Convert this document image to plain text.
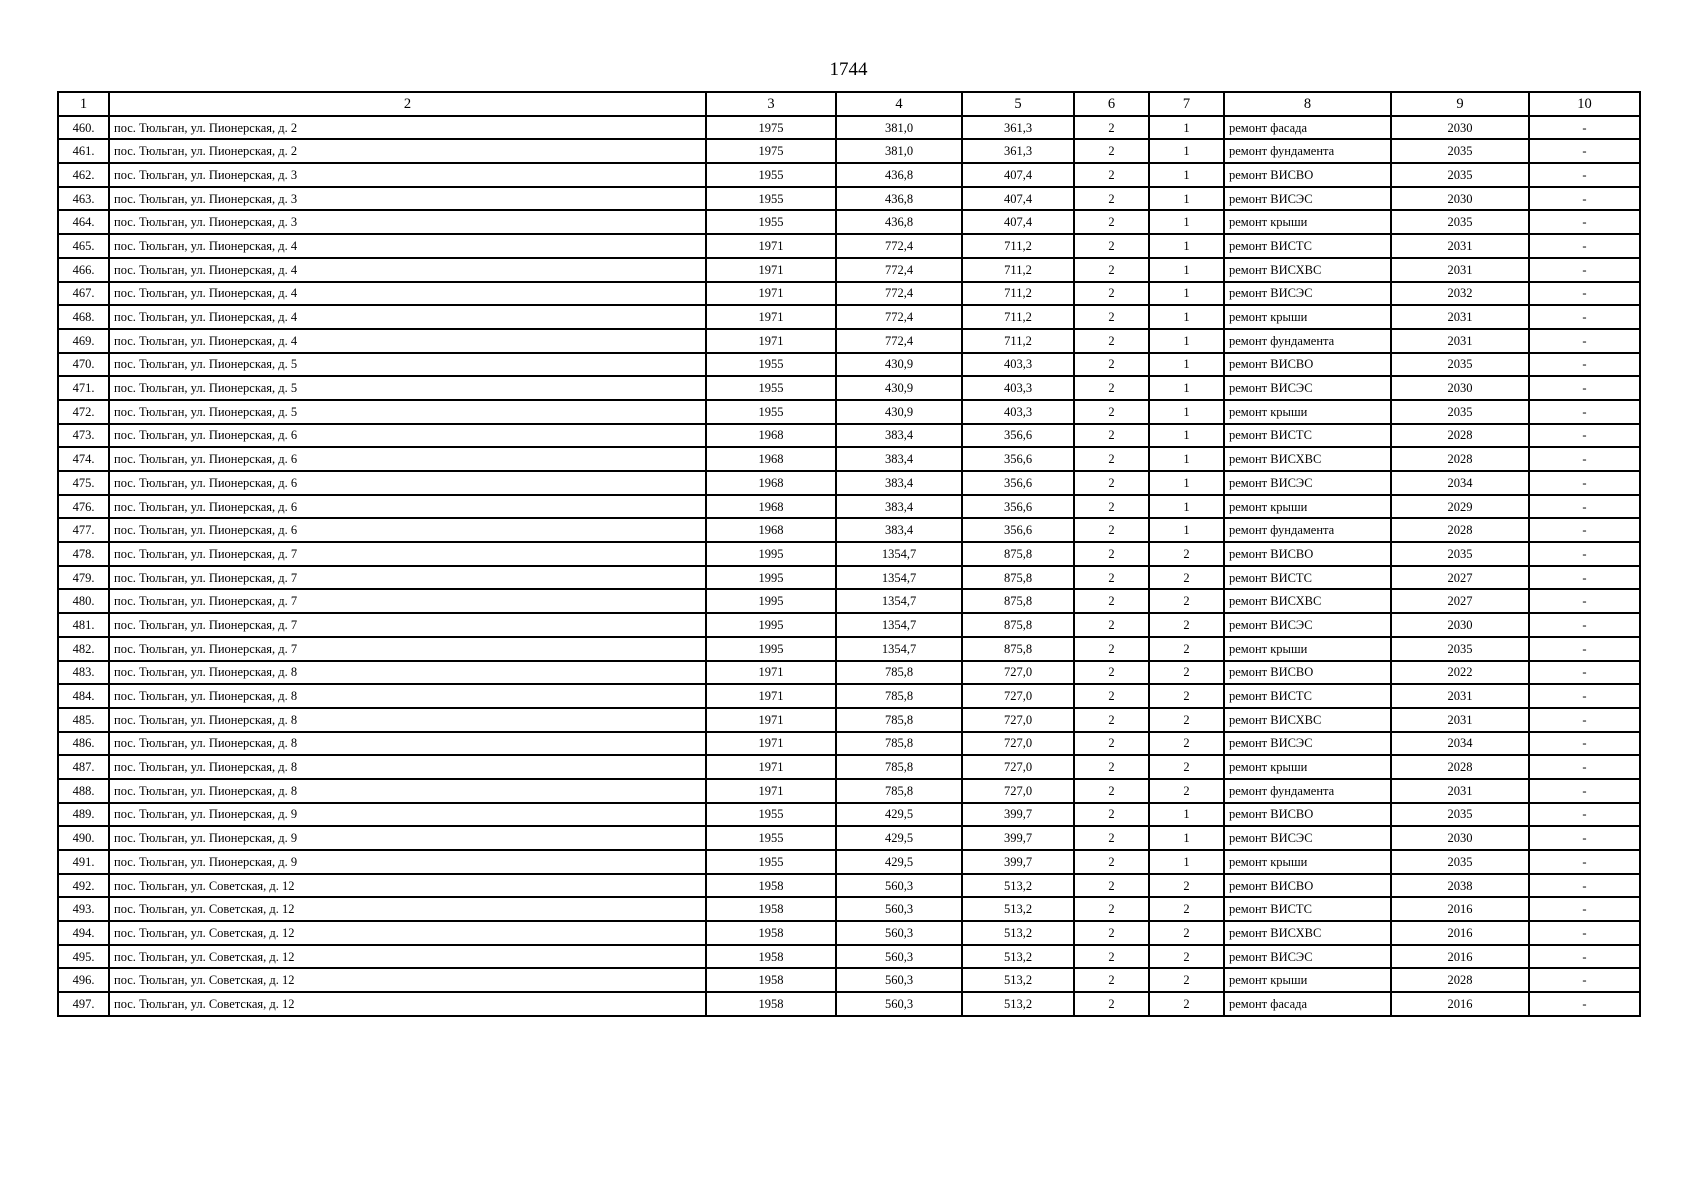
1744
1	2	3	4	5	6	7	8	9	10
460.	пос. Тюльган, ул. Пионерская, д. 2	1975	381,0	361,3	2	1	ремонт фасада	2030	-
461.	пос. Тюльган, ул. Пионерская, д. 2	1975	381,0	361,3	2	1	ремонт фундамента	2035	-
462.	пос. Тюльган, ул. Пионерская, д. 3	1955	436,8	407,4	2	1	ремонт ВИСВО	2035	-
463.	пос. Тюльган, ул. Пионерская, д. 3	1955	436,8	407,4	2	1	ремонт ВИСЭС	2030	-
464.	пос. Тюльган, ул. Пионерская, д. 3	1955	436,8	407,4	2	1	ремонт крыши	2035	-
465.	пос. Тюльган, ул. Пионерская, д. 4	1971	772,4	711,2	2	1	ремонт ВИСТС	2031	-
466.	пос. Тюльган, ул. Пионерская, д. 4	1971	772,4	711,2	2	1	ремонт ВИСХВС	2031	-
467.	пос. Тюльган, ул. Пионерская, д. 4	1971	772,4	711,2	2	1	ремонт ВИСЭС	2032	-
468.	пос. Тюльган, ул. Пионерская, д. 4	1971	772,4	711,2	2	1	ремонт крыши	2031	-
469.	пос. Тюльган, ул. Пионерская, д. 4	1971	772,4	711,2	2	1	ремонт фундамента	2031	-
470.	пос. Тюльган, ул. Пионерская, д. 5	1955	430,9	403,3	2	1	ремонт ВИСВО	2035	-
471.	пос. Тюльган, ул. Пионерская, д. 5	1955	430,9	403,3	2	1	ремонт ВИСЭС	2030	-
472.	пос. Тюльган, ул. Пионерская, д. 5	1955	430,9	403,3	2	1	ремонт крыши	2035	-
473.	пос. Тюльган, ул. Пионерская, д. 6	1968	383,4	356,6	2	1	ремонт ВИСТС	2028	-
474.	пос. Тюльган, ул. Пионерская, д. 6	1968	383,4	356,6	2	1	ремонт ВИСХВС	2028	-
475.	пос. Тюльган, ул. Пионерская, д. 6	1968	383,4	356,6	2	1	ремонт ВИСЭС	2034	-
476.	пос. Тюльган, ул. Пионерская, д. 6	1968	383,4	356,6	2	1	ремонт крыши	2029	-
477.	пос. Тюльган, ул. Пионерская, д. 6	1968	383,4	356,6	2	1	ремонт фундамента	2028	-
478.	пос. Тюльган, ул. Пионерская, д. 7	1995	1354,7	875,8	2	2	ремонт ВИСВО	2035	-
479.	пос. Тюльган, ул. Пионерская, д. 7	1995	1354,7	875,8	2	2	ремонт ВИСТС	2027	-
480.	пос. Тюльган, ул. Пионерская, д. 7	1995	1354,7	875,8	2	2	ремонт ВИСХВС	2027	-
481.	пос. Тюльган, ул. Пионерская, д. 7	1995	1354,7	875,8	2	2	ремонт ВИСЭС	2030	-
482.	пос. Тюльган, ул. Пионерская, д. 7	1995	1354,7	875,8	2	2	ремонт крыши	2035	-
483.	пос. Тюльган, ул. Пионерская, д. 8	1971	785,8	727,0	2	2	ремонт ВИСВО	2022	-
484.	пос. Тюльган, ул. Пионерская, д. 8	1971	785,8	727,0	2	2	ремонт ВИСТС	2031	-
485.	пос. Тюльган, ул. Пионерская, д. 8	1971	785,8	727,0	2	2	ремонт ВИСХВС	2031	-
486.	пос. Тюльган, ул. Пионерская, д. 8	1971	785,8	727,0	2	2	ремонт ВИСЭС	2034	-
487.	пос. Тюльган, ул. Пионерская, д. 8	1971	785,8	727,0	2	2	ремонт крыши	2028	-
488.	пос. Тюльган, ул. Пионерская, д. 8	1971	785,8	727,0	2	2	ремонт фундамента	2031	-
489.	пос. Тюльган, ул. Пионерская, д. 9	1955	429,5	399,7	2	1	ремонт ВИСВО	2035	-
490.	пос. Тюльган, ул. Пионерская, д. 9	1955	429,5	399,7	2	1	ремонт ВИСЭС	2030	-
491.	пос. Тюльган, ул. Пионерская, д. 9	1955	429,5	399,7	2	1	ремонт крыши	2035	-
492.	пос. Тюльган, ул. Советская, д. 12	1958	560,3	513,2	2	2	ремонт ВИСВО	2038	-
493.	пос. Тюльган, ул. Советская, д. 12	1958	560,3	513,2	2	2	ремонт ВИСТС	2016	-
494.	пос. Тюльган, ул. Советская, д. 12	1958	560,3	513,2	2	2	ремонт ВИСХВС	2016	-
495.	пос. Тюльган, ул. Советская, д. 12	1958	560,3	513,2	2	2	ремонт ВИСЭС	2016	-
496.	пос. Тюльган, ул. Советская, д. 12	1958	560,3	513,2	2	2	ремонт крыши	2028	-
497.	пос. Тюльган, ул. Советская, д. 12	1958	560,3	513,2	2	2	ремонт фасада	2016	-
